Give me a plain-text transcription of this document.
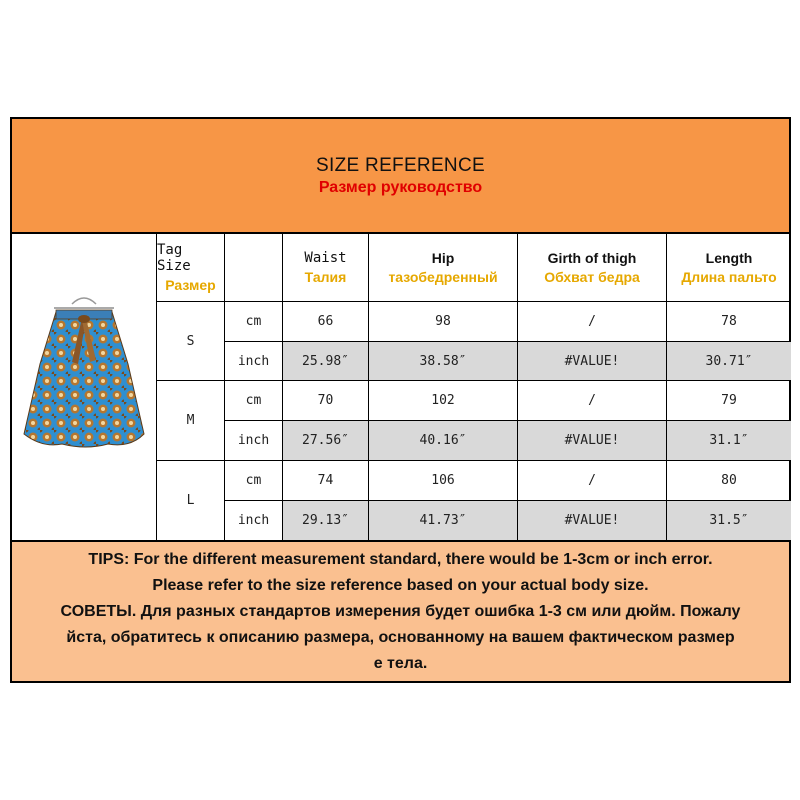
SIZE REFERENCE
Размер руководство
Tag Size
Размер
Waist
Талия
Hip
тазобедренный
Girth of thigh
Обхват бедра
Length
Длина пальто
S
cm	66	98	/	78
inch	25.98″	38.58″	#VALUE!	30.71″
M
cm	70	102	/	79
inch	27.56″	40.16″	#VALUE!	31.1″
L
cm	74	106	/	80
inch	29.13″	41.73″	#VALUE!	31.5″
TIPS: For the different measurement standard, there would be 1-3cm or inch error.
Please refer to the size reference based on your actual body size.
СОВЕТЫ. Для разных стандартов измерения будет ошибка 1-3 см или дюйм. Пожалу
йста, обратитесь к описанию размера, основанному на вашем фактическом размер
е тела.
